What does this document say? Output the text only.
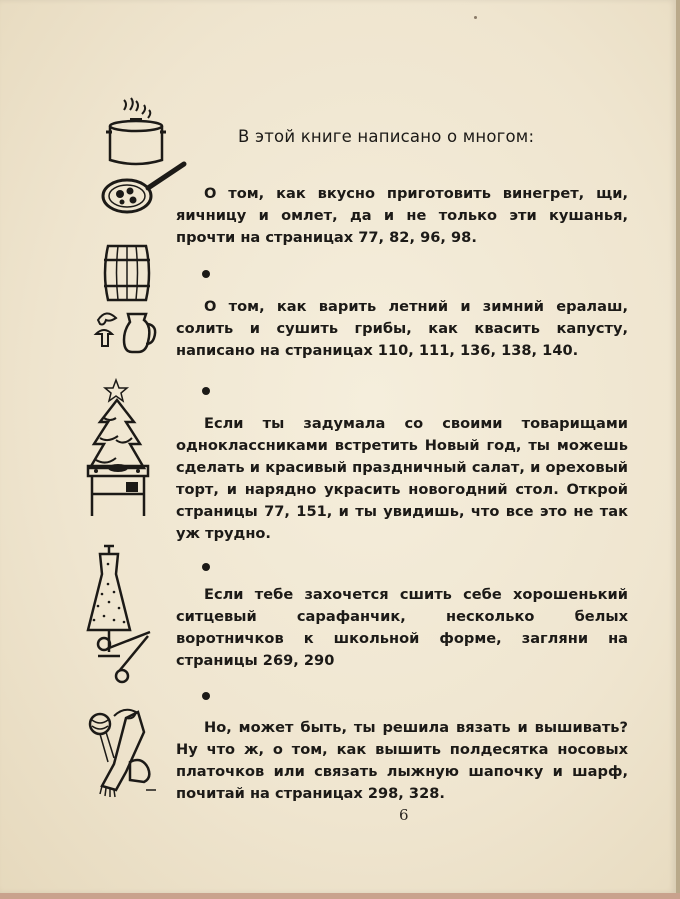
В этой книге написано о многом:

О том, как вкусно приготовить винегрет, щи, яичницу и омлет, да и не только эти кушанья, прочти на страницах 77, 82, 96, 98.

О том, как варить летний и зимний ералаш, солить и сушить грибы, как квасить капусту, написано на страницах 110, 111, 136, 138, 140.

Если ты задумала со своими товарищами одноклассниками встретить Новый год, ты можешь сделать и красивый праздничный салат, и ореховый торт, и нарядно украсить новогодний стол. Открой страницы 77, 151, и ты увидишь, что все это не так уж трудно.

Если тебе захочется сшить себе хорошенький ситцевый сарафанчик, несколько белых воротничков к школьной форме, загляни на страницы 269, 290

Но, может быть, ты решила вязать и вышивать? Ну что ж, о том, как вышить полдесятка носовых платочков или связать лыжную шапочку и шарф, почитай на страницах 298, 328.

6
